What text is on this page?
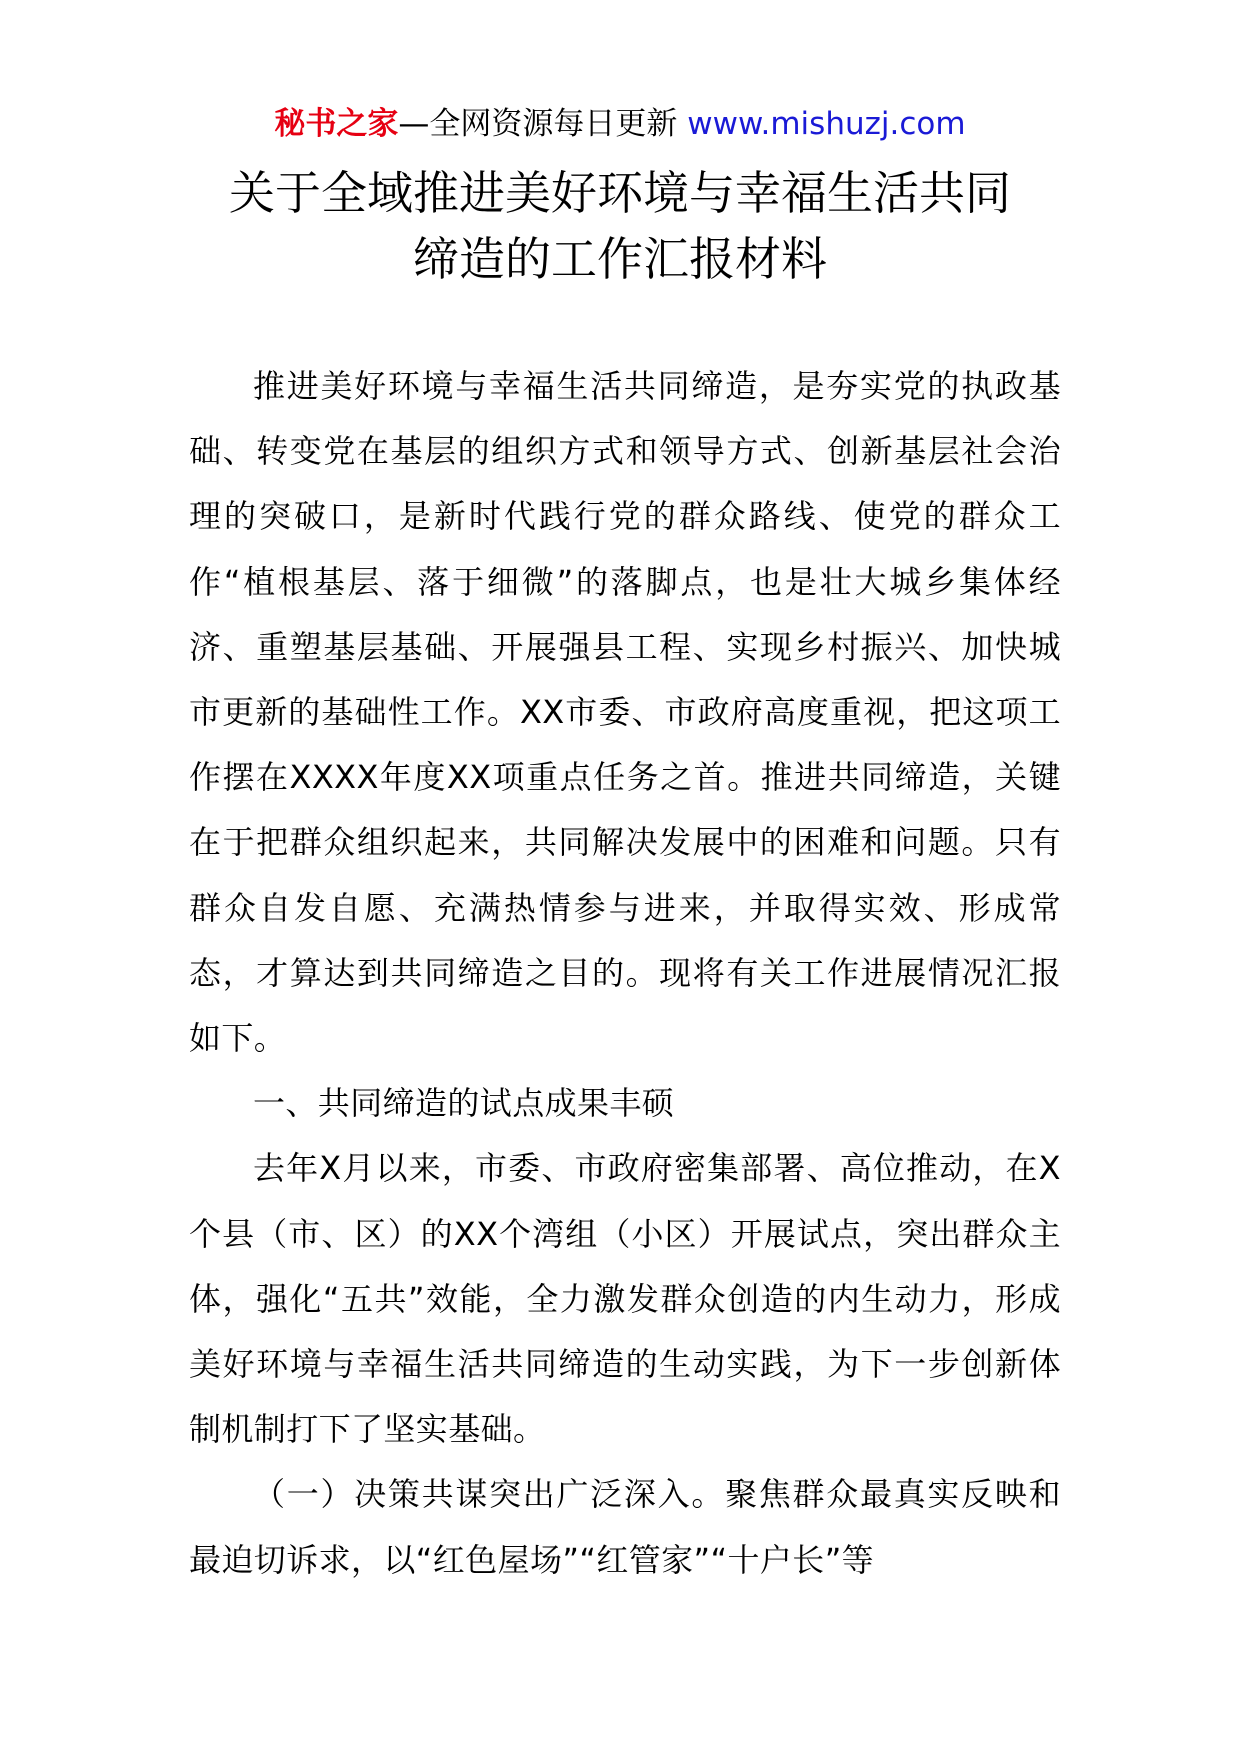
秘书之家—全网资源每日更新 www.mishuzj.com
关于全域推进美好环境与幸福生活共同
缔造的工作汇报材料

推进美好环境与幸福生活共同缔造，是夯实党的执政基础、转变党在基层的组织方式和领导方式、创新基层社会治理的突破口，是新时代践行党的群众路线、使党的群众工作“植根基层、落于细微”的落脚点，也是壮大城乡集体经济、重塑基层基础、开展强县工程、实现乡村振兴、加快城市更新的基础性工作。XX市委、市政府高度重视，把这项工作摆在XXXX年度XX项重点任务之首。推进共同缔造，关键在于把群众组织起来，共同解决发展中的困难和问题。只有群众自发自愿、充满热情参与进来，并取得实效、形成常态，才算达到共同缔造之目的。现将有关工作进展情况汇报如下。

一、共同缔造的试点成果丰硕

去年X月以来，市委、市政府密集部署、高位推动，在X个县（市、区）的XX个湾组（小区）开展试点，突出群众主体，强化“五共”效能，全力激发群众创造的内生动力，形成美好环境与幸福生活共同缔造的生动实践，为下一步创新体制机制打下了坚实基础。

（一）决策共谋突出广泛深入。聚焦群众最真实反映和最迫切诉求，以“红色屋场”“红管家”“十户长”等
